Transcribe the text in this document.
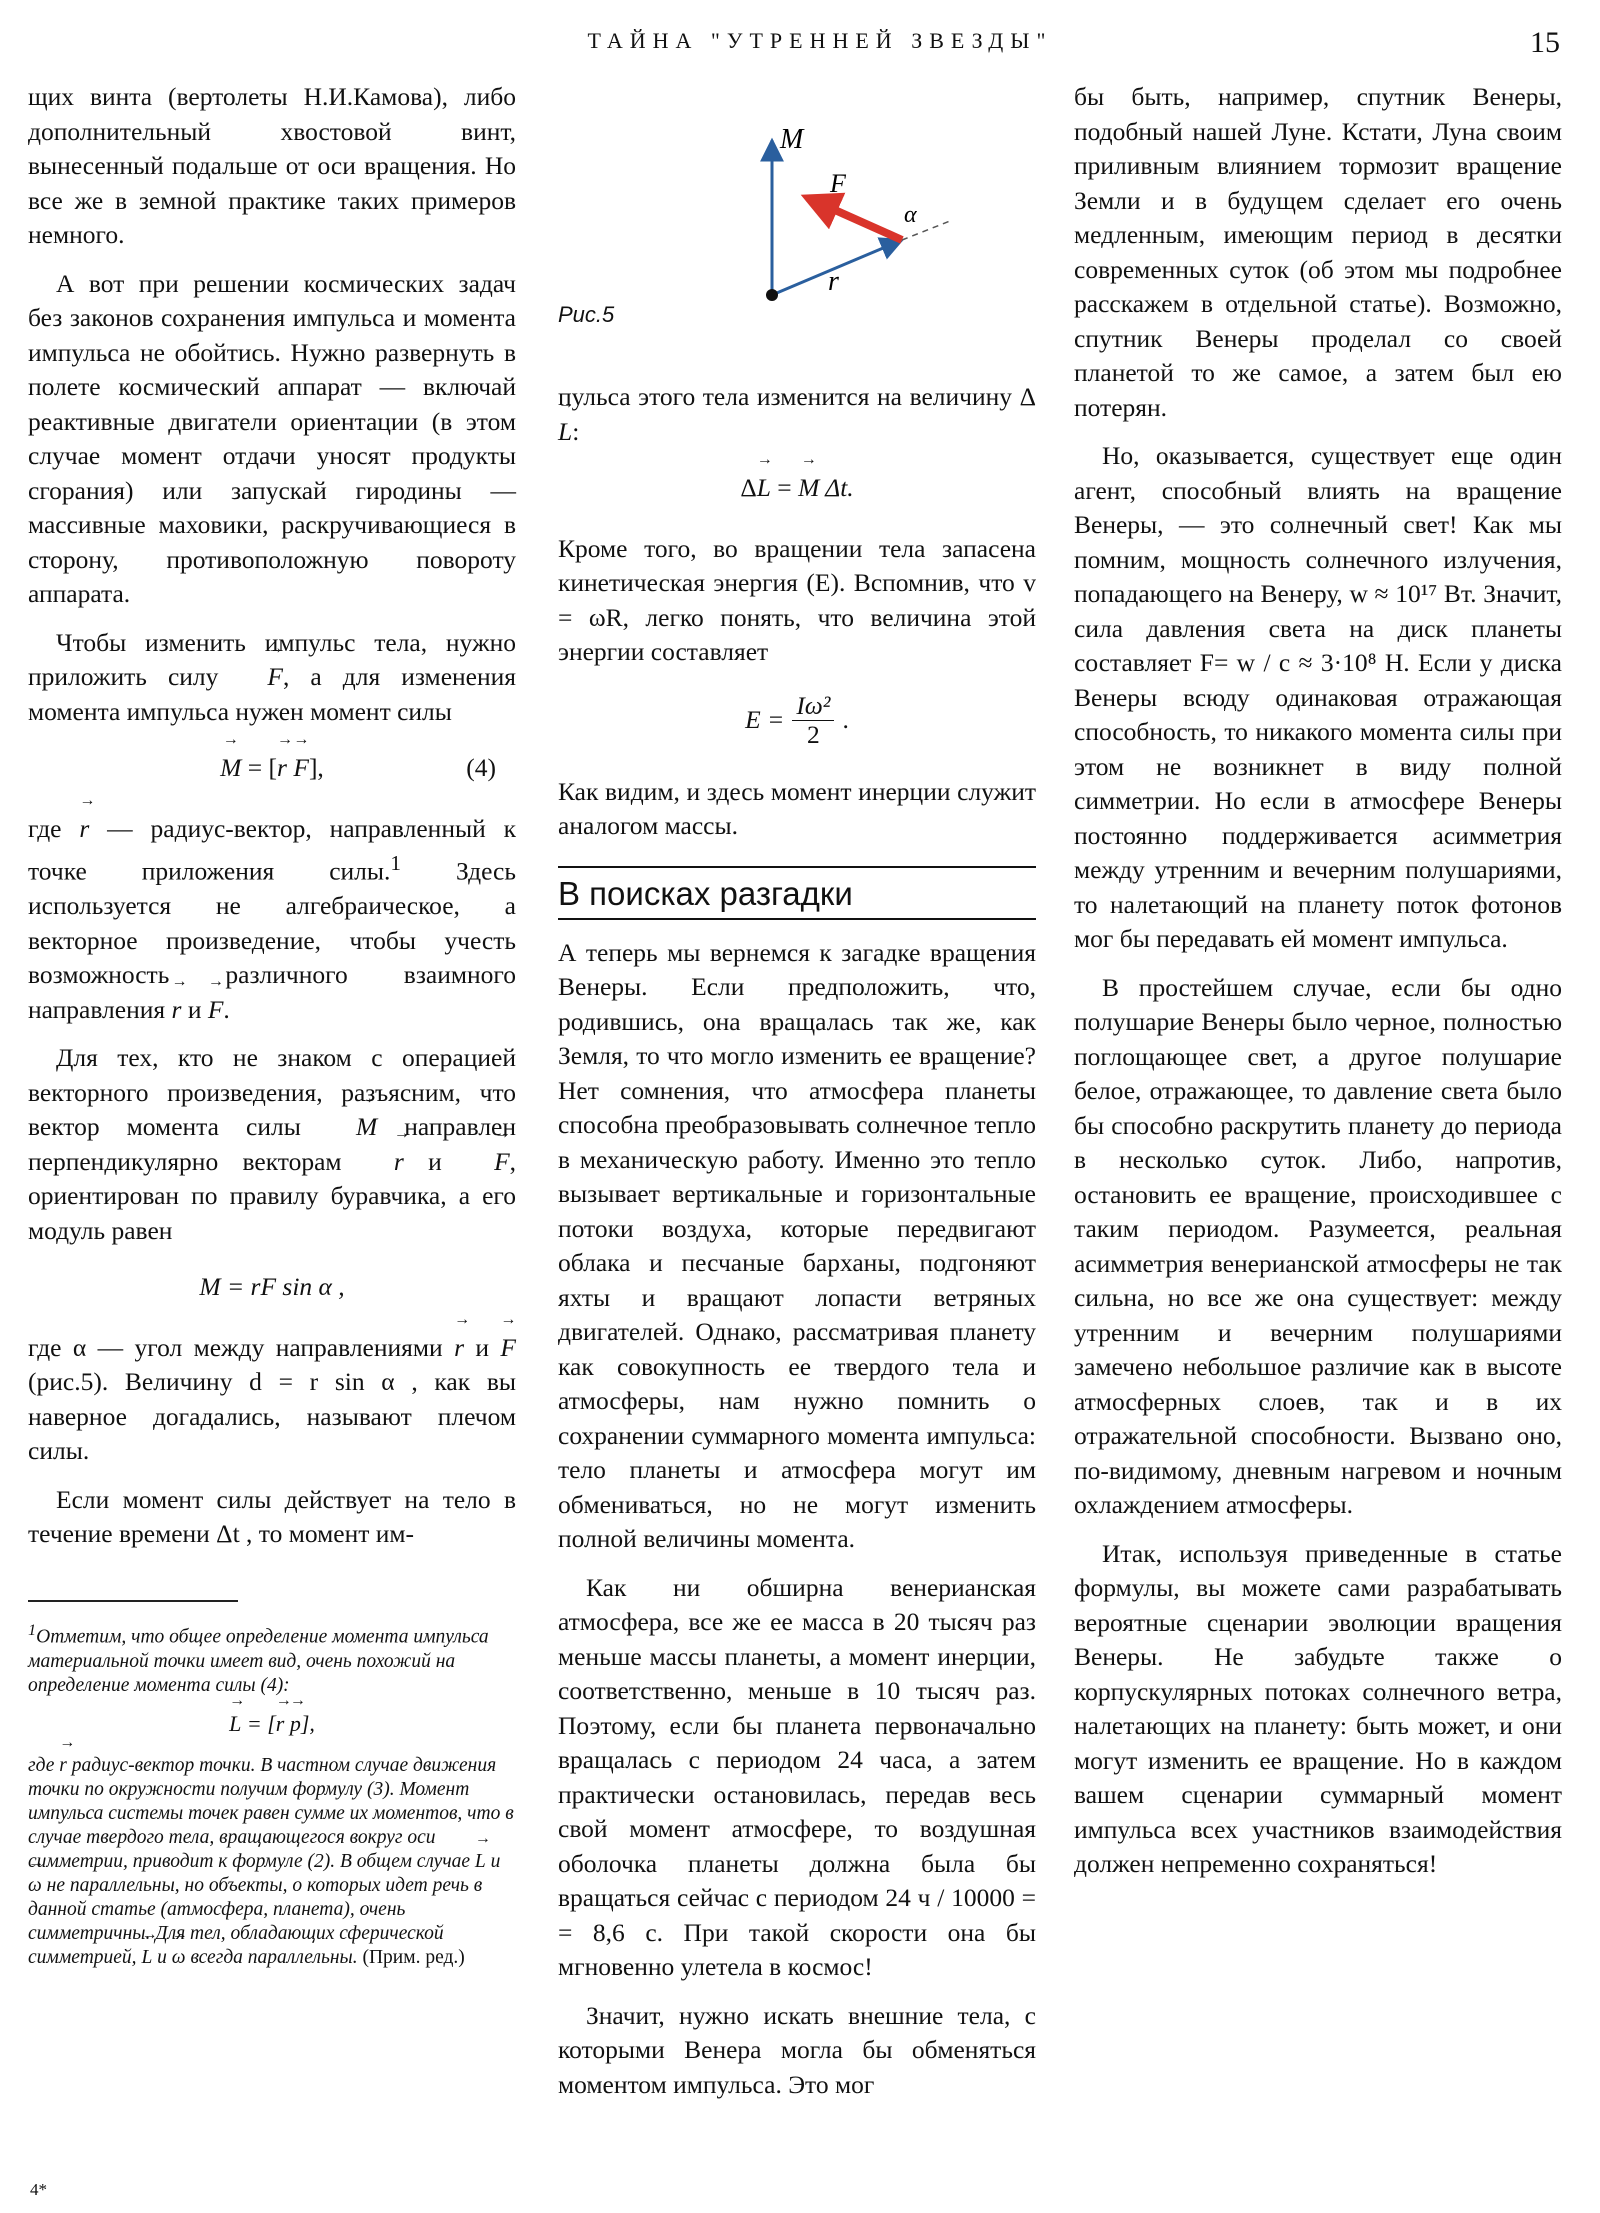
ТАЙНА "УТРЕННЕЙ ЗВЕЗДЫ"	15

щих винта (вертолеты Н.И.Камова), либо дополнительный хвостовой винт, вынесенный подальше от оси вращения. Но все же в земной практике таких примеров немного.

А вот при решении космических задач без законов сохранения импульса и момента импульса не обойтись. Нужно развернуть в полете космический аппарат — включай реактивные двигатели ориентации (в этом случае момент отдачи уносят продукты сгорания) или запускай гиродины — массивные маховики, раскручивающиеся в сторону, противоположную повороту аппарата.

Чтобы изменить импульс тела, нужно приложить силу → F, а для изменения момента импульса нужен момент силы

→ M = [→ r → F],	(4)

где → r — радиус-вектор, направленный к точке приложения силы.$^1$ Здесь используется не алгебраическое, а векторное произведение, чтобы учесть возможность различного взаимного направления → r и → F.

Для тех, кто не знаком с операцией векторного произведения, разъясним, что вектор момента силы → M направлен перпендикулярно векторам → r и → F, ориентирован по правилу буравчика, а его модуль равен

M = rF sin α ,

где α — угол между направлениями → r и → F (рис.5). Величину d = r sin α , как вы наверное догадались, называют плечом силы.

Если момент силы действует на тело в течение времени Δt , то момент им-

$^1$Отметим, что общее определение момента импульса материальной точки имеет вид, очень похожий на определение момента силы (4):

→ L = [→ r → p],

где → r радиус-вектор точки. В частном случае движения точки по окружности получим формулу (3). Момент импульса системы точек равен сумме их моментов, что в случае твердого тела, вращающегося вокруг оси симметрии, приводит к формуле (2). В общем случае → L и → ω не параллельны, но объекты, о которых идет речь в данной статье (атмосфера, планета), очень симметричны. Для тел, обладающих сферической симметрией, → L и → ω всегда параллельны. (Прим. ред.)

M
F
α
r
Рис.5

пульса этого тела изменится на величину Δ→ L:

Δ→ L = → M Δt.

Кроме того, во вращении тела запасена кинетическая энергия (E). Вспомнив, что v = ωR, легко понять, что величина этой энергии составляет

$E = \frac{\text{Iω²}}{2}$ .

Как видим, и здесь момент инерции служит аналогом массы.

В поисках разгадки

А теперь мы вернемся к загадке вращения Венеры. Если предположить, что, родившись, она вращалась так же, как Земля, то что могло изменить ее вращение? Нет сомнения, что атмосфера планеты способна преобразовывать солнечное тепло в механическую работу. Именно это тепло вызывает вертикальные и горизонтальные потоки воздуха, которые передвигают облака и песчаные барханы, подгоняют яхты и вращают лопасти ветряных двигателей. Однако, рассматривая планету как совокупность ее твердого тела и атмосферы, нам нужно помнить о сохранении суммарного момента импульса: тело планеты и атмосфера могут им обмениваться, но не могут изменить полной величины момента.

Как ни обширна венерианская атмосфера, все же ее масса в 20 тысяч раз меньше массы планеты, а момент инерции, соответственно, меньше в 10 тысяч раз. Поэтому, если бы планета первоначально вращалась с периодом 24 часа, а затем практически остановилась, передав весь свой момент атмосфере, то воздушная оболочка планеты должна была бы вращаться сейчас с периодом 24 ч / 10000 = = 8,6 с. При такой скорости она бы мгновенно улетела в космос!

Значит, нужно искать внешние тела, с которыми Венера могла бы обменяться моментом импульса. Это мог

бы быть, например, спутник Венеры, подобный нашей Луне. Кстати, Луна своим приливным влиянием тормозит вращение Земли и в будущем сделает его очень медленным, имеющим период в десятки современных суток (об этом мы подробнее расскажем в отдельной статье). Возможно, спутник Венеры проделал со своей планетой то же самое, а затем был ею потерян.

Но, оказывается, существует еще один агент, способный влиять на вращение Венеры, — это солнечный свет! Как мы помним, мощность солнечного излучения, попадающего на Венеру, w ≈ 10¹⁷ Вт. Значит, сила давления света на диск планеты составляет F= w / c ≈ 3·10⁸ Н. Если у диска Венеры всюду одинаковая отражающая способность, то никакого момента силы при этом не возникнет в виду полной симметрии. Но если в атмосфере Венеры постоянно поддерживается асимметрия между утренним и вечерним полушариями, то налетающий на планету поток фотонов мог бы передавать ей момент импульса.

В простейшем случае, если бы одно полушарие Венеры было черное, полностью поглощающее свет, а другое полушарие белое, отражающее, то давление света было бы способно раскрутить планету до периода в несколько суток. Либо, напротив, остановить ее вращение, происходившее с таким периодом. Разумеется, реальная асимметрия венерианской атмосферы не так сильна, но все же она существует: между утренним и вечерним полушариями замечено небольшое различие как в высоте атмосферных слоев, так и в их отражательной способности. Вызвано оно, по-видимому, дневным нагревом и ночным охлаждением атмосферы.

Итак, используя приведенные в статье формулы, вы можете сами разрабатывать вероятные сценарии эволюции вращения Венеры. Не забудьте также о корпускулярных потоках солнечного ветра, налетающих на планету: быть может, и они могут изменить ее вращение. Но в каждом вашем сценарии суммарный момент импульса всех участников взаимодействия должен непременно сохраняться!

4*
